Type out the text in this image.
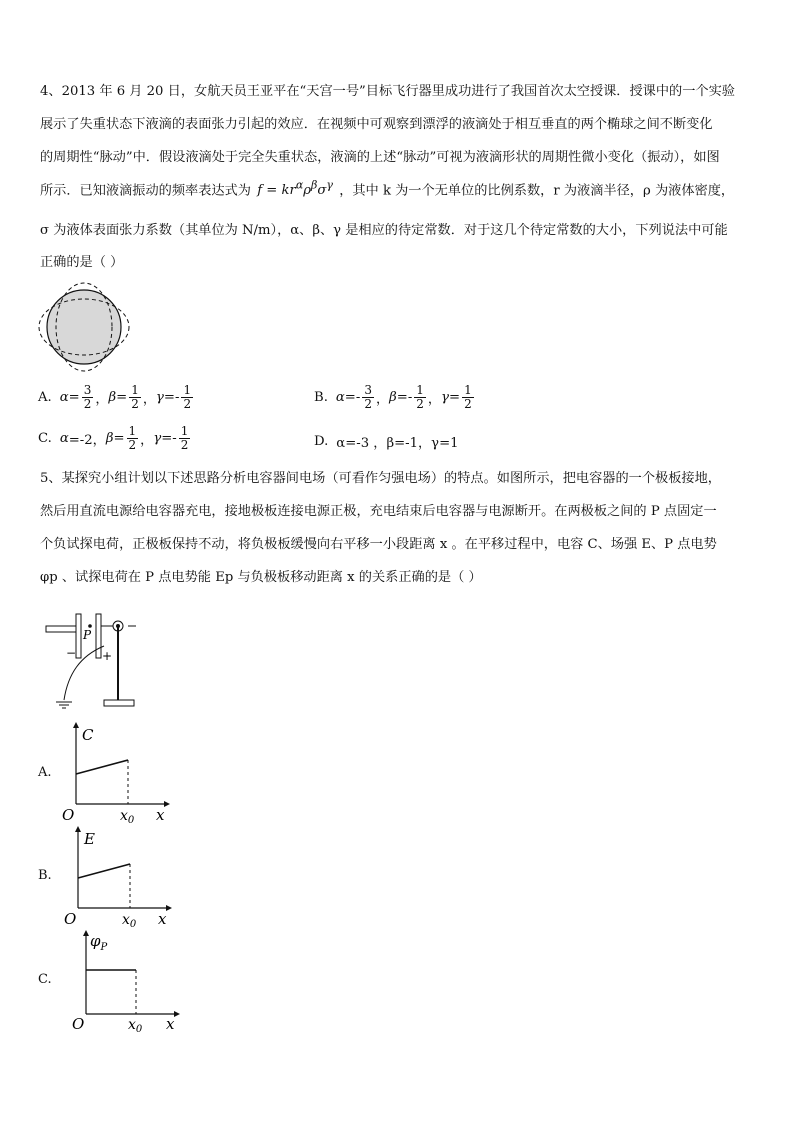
4、2013 年 6 月 20 日，女航天员王亚平在“天宫一号”目标飞行器里成功进行了我国首次太空授课．授课中的一个实验
展示了失重状态下液滴的表面张力引起的效应．在视频中可观察到漂浮的液滴处于相互垂直的两个椭球之间不断变化
的周期性“脉动”中．假设液滴处于完全失重状态，液滴的上述“脉动”可视为液滴形状的周期性微小变化（振动），如图
所示．已知液滴振动的频率表达式为 $f = kr^\alpha\rho^\beta\sigma^\gamma$ ，其中 k 为一个无单位的比例系数，r 为液滴半径，ρ 为液体密度，
σ 为液体表面张力系数（其单位为 N/m），α、β、γ 是相应的待定常数．对于这几个待定常数的大小，下列说法中可能
正确的是（ ）
A. $\alpha = \frac{3}{2}$ ， $\beta = \frac{1}{2}$ ， $\gamma =- \frac{1}{2}$	B. $\alpha =- \frac{3}{2}$ ， $\beta =- \frac{1}{2}$ ， $\gamma = \frac{1}{2}$
C. α =-2， $\beta = \frac{1}{2}$ ， $\gamma =- \frac{1}{2}$	D. α=-3 ，β=-1，γ=1
5、某探究小组计划以下述思路分析电容器间电场（可看作匀强电场）的特点。如图所示，把电容器的一个极板接地，
然后用直流电源给电容器充电，接地极板连接电源正极，充电结束后电容器与电源断开。在两极板之间的 P 点固定一
个负试探电荷，正极板保持不动，将负极板缓慢向右平移一小段距离 x 。在平移过程中，电容 C、场强 E、P 点电势
φp 、试探电荷在 P 点电势能 Ep 与负极板移动距离 x 的关系正确的是（ ）
P
− +
A.
C
O	$x_0$ x
B.
E
O	$x_0$ x
C.
$\varphi_P$
O	$x_0$ x
